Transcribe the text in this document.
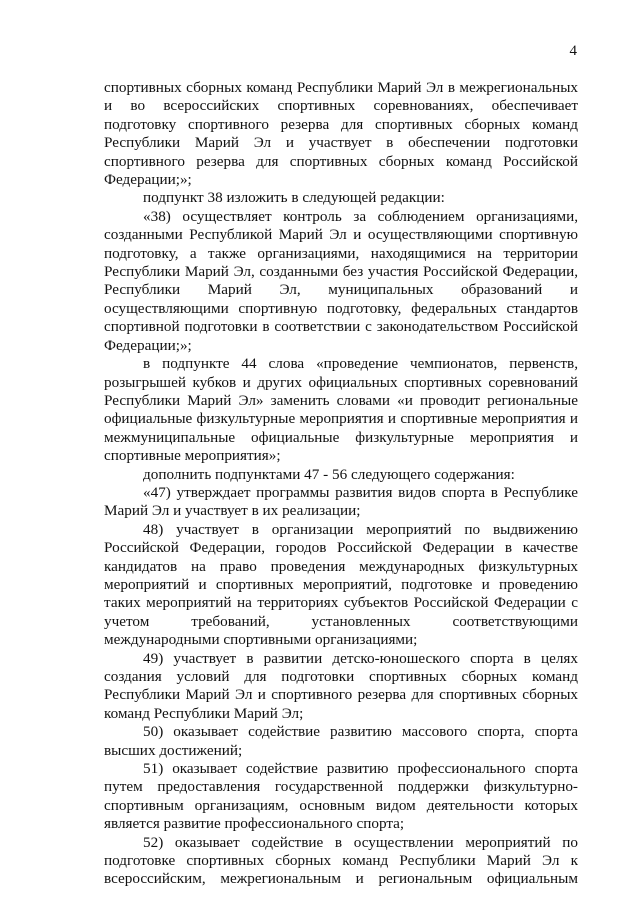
4

спортивных сборных команд Республики Марий Эл в межрегиональных и во всероссийских спортивных соревнованиях, обеспечивает подготовку спортивного резерва для спортивных сборных команд Республики Марий Эл и участвует в обеспечении подготовки спортивного резерва для спортивных сборных команд Российской Федерации;»;

подпункт 38 изложить в следующей редакции:

«38) осуществляет контроль за соблюдением организациями, созданными Республикой Марий Эл и осуществляющими спортивную подготовку, а также организациями, находящимися на территории Республики Марий Эл, созданными без участия Российской Федерации, Республики Марий Эл, муниципальных образований и осуществляющими спортивную подготовку, федеральных стандартов спортивной подготовки в соответствии с законодательством Российской Федерации;»;

в подпункте 44 слова «проведение чемпионатов, первенств, розыгрышей кубков и других официальных спортивных соревнований Республики Марий Эл» заменить словами «и проводит региональные официальные физкультурные мероприятия и спортивные мероприятия и межмуниципальные официальные физкультурные мероприятия и спортивные мероприятия»;

дополнить подпунктами 47 - 56 следующего содержания:

«47) утверждает программы развития видов спорта в Республике Марий Эл и участвует в их реализации;

48) участвует в организации мероприятий по выдвижению Российской Федерации, городов Российской Федерации в качестве кандидатов на право проведения международных физкультурных мероприятий и спортивных мероприятий, подготовке и проведению таких мероприятий на территориях субъектов Российской Федерации с учетом требований, установленных соответствующими международными спортивными организациями;

49) участвует в развитии детско-юношеского спорта в целях создания условий для подготовки спортивных сборных команд Республики Марий Эл и спортивного резерва для спортивных сборных команд Республики Марий Эл;

50) оказывает содействие развитию массового спорта, спорта высших достижений;

51) оказывает содействие развитию профессионального спорта путем предоставления государственной поддержки физкультурно-спортивным организациям, основным видом деятельности которых является развитие профессионального спорта;

52) оказывает содействие в осуществлении мероприятий по подготовке спортивных сборных команд Республики Марий Эл к всероссийским, межрегиональным и региональным официальным
